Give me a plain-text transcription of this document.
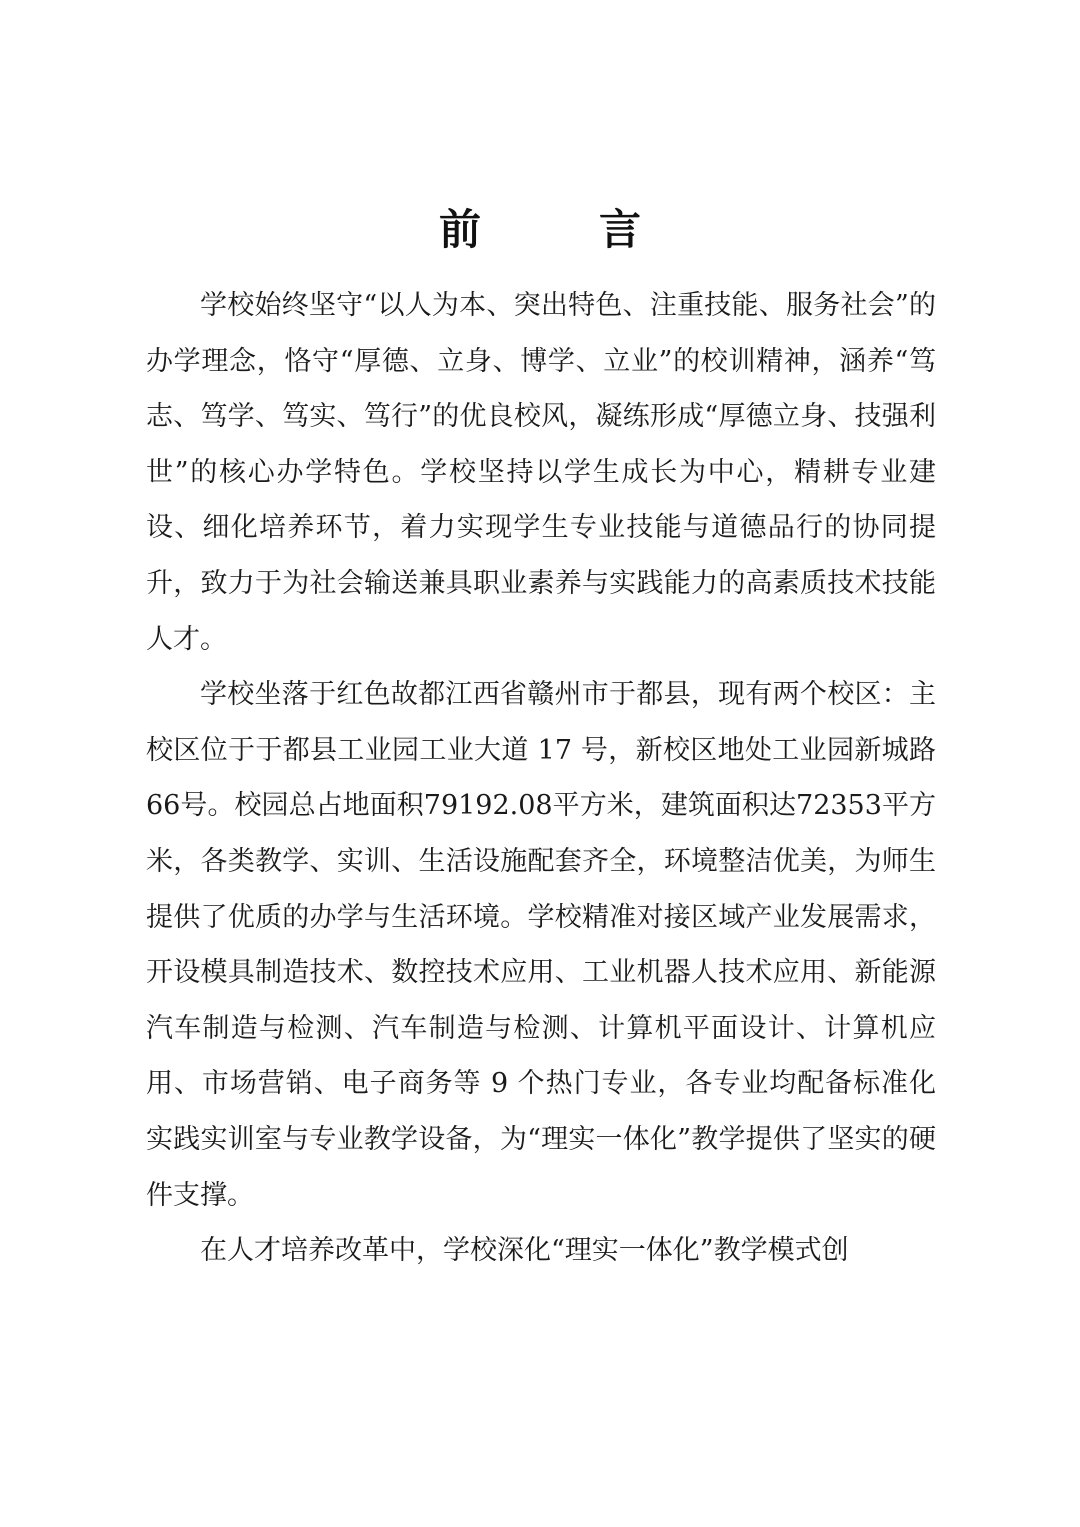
前　言

学校始终坚守“以人为本、突出特色、注重技能、服务社会”的办学理念，恪守“厚德、立身、博学、立业”的校训精神，涵养“笃志、笃学、笃实、笃行”的优良校风，凝练形成“厚德立身、技强利世”的核心办学特色。学校坚持以学生成长为中心，精耕专业建设、细化培养环节，着力实现学生专业技能与道德品行的协同提升，致力于为社会输送兼具职业素养与实践能力的高素质技术技能人才。

学校坐落于红色故都江西省赣州市于都县，现有两个校区：主校区位于于都县工业园工业大道 17 号，新校区地处工业园新城路66号。校园总占地面积79192.08平方米，建筑面积达72353平方米，各类教学、实训、生活设施配套齐全，环境整洁优美，为师生提供了优质的办学与生活环境。学校精准对接区域产业发展需求，开设模具制造技术、数控技术应用、工业机器人技术应用、新能源汽车制造与检测、汽车制造与检测、计算机平面设计、计算机应用、市场营销、电子商务等 9 个热门专业，各专业均配备标准化实践实训室与专业教学设备，为“理实一体化”教学提供了坚实的硬件支撑。

在人才培养改革中，学校深化“理实一体化”教学模式创
